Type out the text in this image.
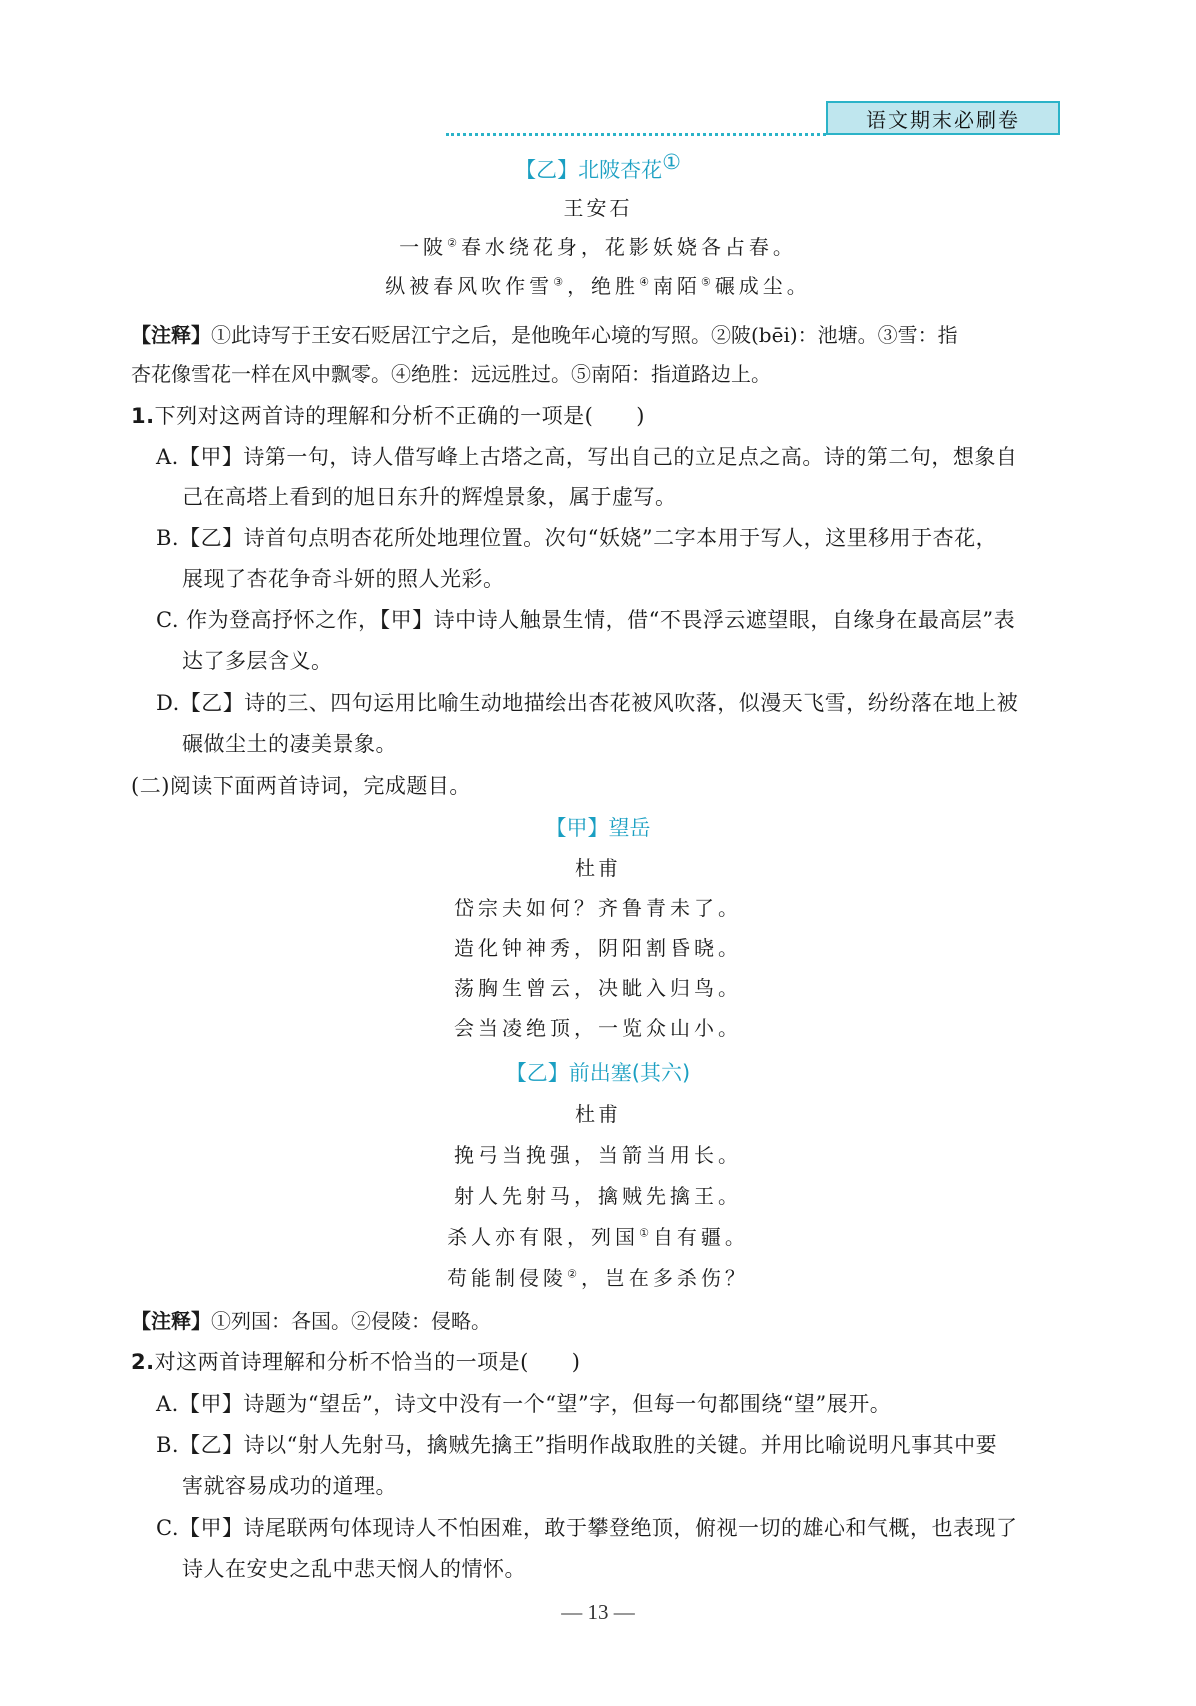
语文期末必刷卷
【乙】北陂杏花①
王安石
一陂②春水绕花身，花影妖娆各占春。
纵被春风吹作雪③，绝胜④南陌⑤碾成尘。
【注释】①此诗写于王安石贬居江宁之后，是他晚年心境的写照。②陂(bēi)：池塘。③雪：指
杏花像雪花一样在风中飘零。④绝胜：远远胜过。⑤南陌：指道路边上。
1.下列对这两首诗的理解和分析不正确的一项是(　　)
A.【甲】诗第一句，诗人借写峰上古塔之高，写出自己的立足点之高。诗的第二句，想象自
己在高塔上看到的旭日东升的辉煌景象，属于虚写。
B.【乙】诗首句点明杏花所处地理位置。次句“妖娆”二字本用于写人，这里移用于杏花，
展现了杏花争奇斗妍的照人光彩。
C. 作为登高抒怀之作，【甲】诗中诗人触景生情，借“不畏浮云遮望眼，自缘身在最高层”表
达了多层含义。
D.【乙】诗的三、四句运用比喻生动地描绘出杏花被风吹落，似漫天飞雪，纷纷落在地上被
碾做尘土的凄美景象。
(二)阅读下面两首诗词，完成题目。
【甲】望岳
杜甫
岱宗夫如何？齐鲁青未了。
造化钟神秀，阴阳割昏晓。
荡胸生曾云，决眦入归鸟。
会当凌绝顶，一览众山小。
【乙】前出塞(其六)
杜甫
挽弓当挽强，当箭当用长。
射人先射马，擒贼先擒王。
杀人亦有限，列国①自有疆。
苟能制侵陵②，岂在多杀伤？
【注释】①列国：各国。②侵陵：侵略。
2.对这两首诗理解和分析不恰当的一项是(　　)
A.【甲】诗题为“望岳”，诗文中没有一个“望”字，但每一句都围绕“望”展开。
B.【乙】诗以“射人先射马，擒贼先擒王”指明作战取胜的关键。并用比喻说明凡事其中要
害就容易成功的道理。
C.【甲】诗尾联两句体现诗人不怕困难，敢于攀登绝顶，俯视一切的雄心和气概，也表现了
诗人在安史之乱中悲天悯人的情怀。
— 13 —
